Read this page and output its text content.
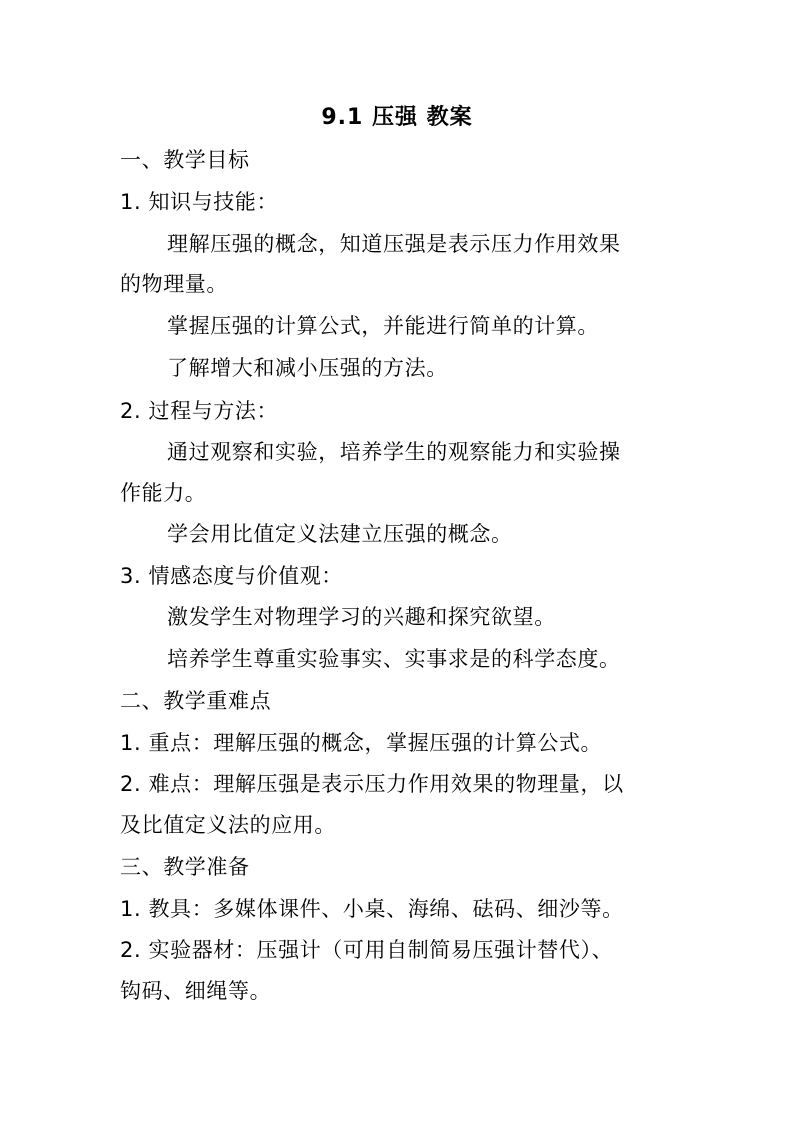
9.1 压强 教案
一、教学目标
1. 知识与技能：
理解压强的概念，知道压强是表示压力作用效果
的物理量。
掌握压强的计算公式，并能进行简单的计算。
了解增大和减小压强的方法。
2. 过程与方法：
通过观察和实验，培养学生的观察能力和实验操
作能力。
学会用比值定义法建立压强的概念。
3. 情感态度与价值观：
激发学生对物理学习的兴趣和探究欲望。
培养学生尊重实验事实、实事求是的科学态度。
二、教学重难点
1. 重点：理解压强的概念，掌握压强的计算公式。
2. 难点：理解压强是表示压力作用效果的物理量，以
及比值定义法的应用。
三、教学准备
1. 教具：多媒体课件、小桌、海绵、砝码、细沙等。
2. 实验器材：压强计（可用自制简易压强计替代）、
钩码、细绳等。
